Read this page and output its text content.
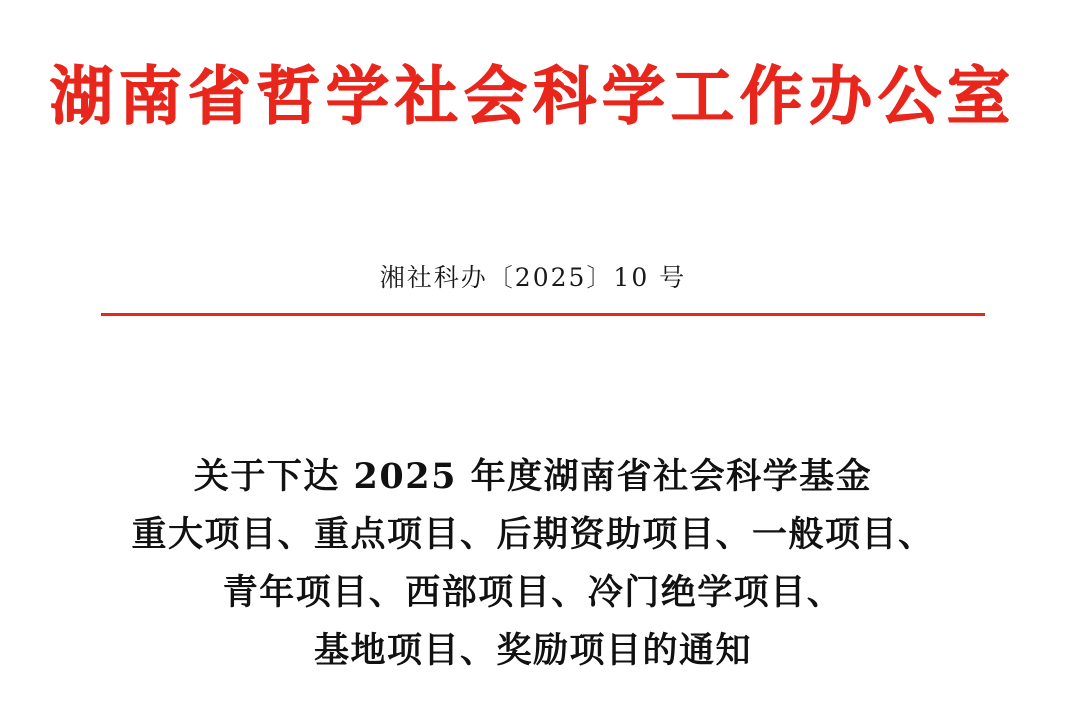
湖南省哲学社会科学工作办公室
湘社科办〔2025〕10 号
关于下达 2025 年度湖南省社会科学基金
重大项目、重点项目、后期资助项目、一般项目、
青年项目、西部项目、冷门绝学项目、
基地项目、奖励项目的通知
